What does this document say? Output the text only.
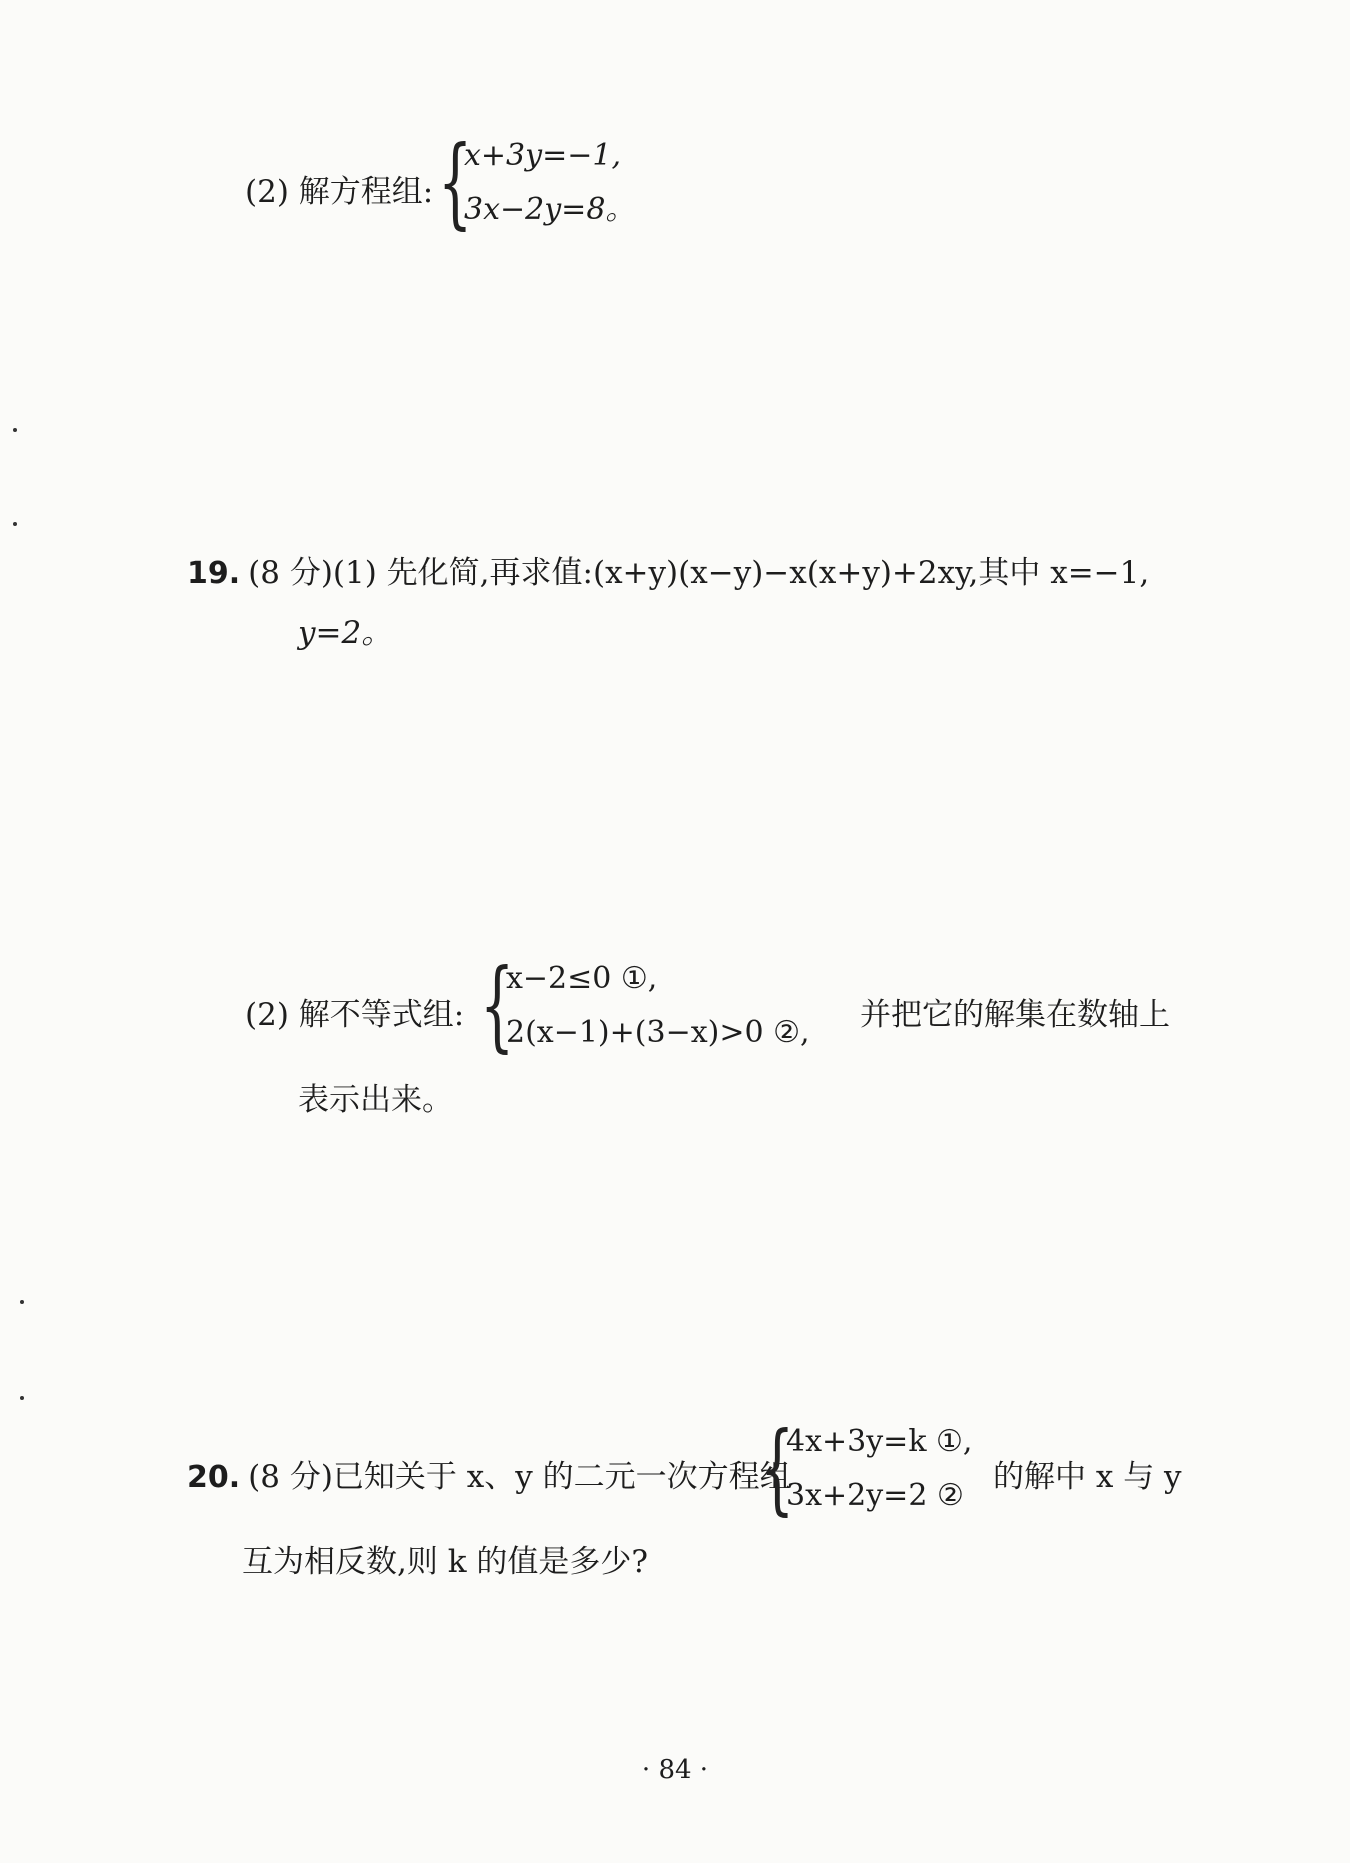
(2) 解方程组: {
x+3y=−1,
3x−2y=8。
19. (8 分)(1) 先化简,再求值:(x+y)(x−y)−x(x+y)+2xy,其中 x=−1,
y=2。
(2) 解不等式组: {
x−2≤0 ①,
2(x−1)+(3−x)>0 ②, 并把它的解集在数轴上
表示出来。
20. (8 分)已知关于 x、y 的二元一次方程组
{
4x+3y=k ①,
3x+2y=2 ②
的解中 x 与 y
互为相反数,则 k 的值是多少?
· 84 ·
